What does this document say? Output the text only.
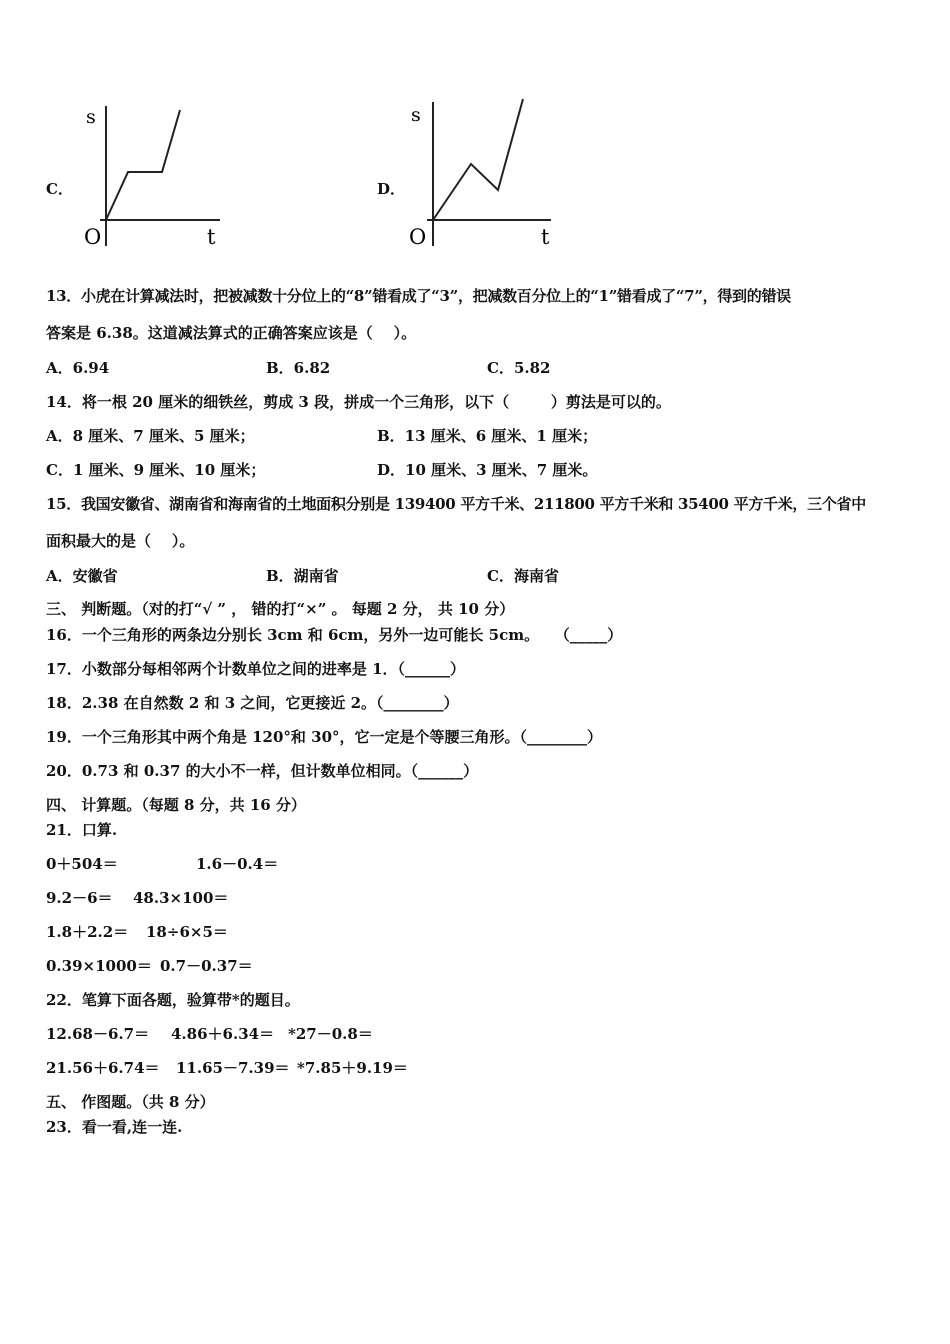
C．
s
O	t
D．
s
O	t
13．小虎在计算减法时，把被减数十分位上的“8”错看成了“3”，把减数百分位上的“1”错看成了“7”，得到的错误
答案是 6.38。这道减法算式的正确答案应该是（    ）。
A．6.94	B．6.82	C．5.82
14．将一根 20 厘米的细铁丝，剪成 3 段，拼成一个三角形，以下（        ）剪法是可以的。
A．8 厘米、7 厘米、5 厘米；	B．13 厘米、6 厘米、1 厘米；
C．1 厘米、9 厘米、10 厘米；	D．10 厘米、3 厘米、7 厘米。
15．我国安徽省、湖南省和海南省的土地面积分别是 139400 平方千米、211800 平方千米和 35400 平方千米，三个省中
面积最大的是（    ）。
A．安徽省	B．湖南省	C．海南省
三、 判断题。（对的打“√ ” ， 错的打“×” 。 每题 2 分， 共 10 分）
16．一个三角形的两条边分别长 3cm 和 6cm，另外一边可能长 5cm。   （_____）
17．小数部分每相邻两个计数单位之间的进率是 1．（______）
18．2.38 在自然数 2 和 3 之间，它更接近 2。（________）
19．一个三角形其中两个角是 120°和 30°，它一定是个等腰三角形。（________）
20．0.73 和 0.37 的大小不一样，但计数单位相同。（______）
四、 计算题。（每题 8 分，共 16 分）
21．口算.
0＋504＝	1.6－0.4＝
9.2－6＝ 48.3×100＝
1.8＋2.2＝ 18÷6×5＝
0.39×1000＝ 0.7－0.37＝
22．笔算下面各题，验算带*的题目。
12.68－6.7＝ 4.86＋6.34＝ *27－0.8＝
21.56＋6.74＝ 11.65－7.39＝ *7.85＋9.19＝
五、 作图题。（共 8 分）
23．看一看,连一连.
